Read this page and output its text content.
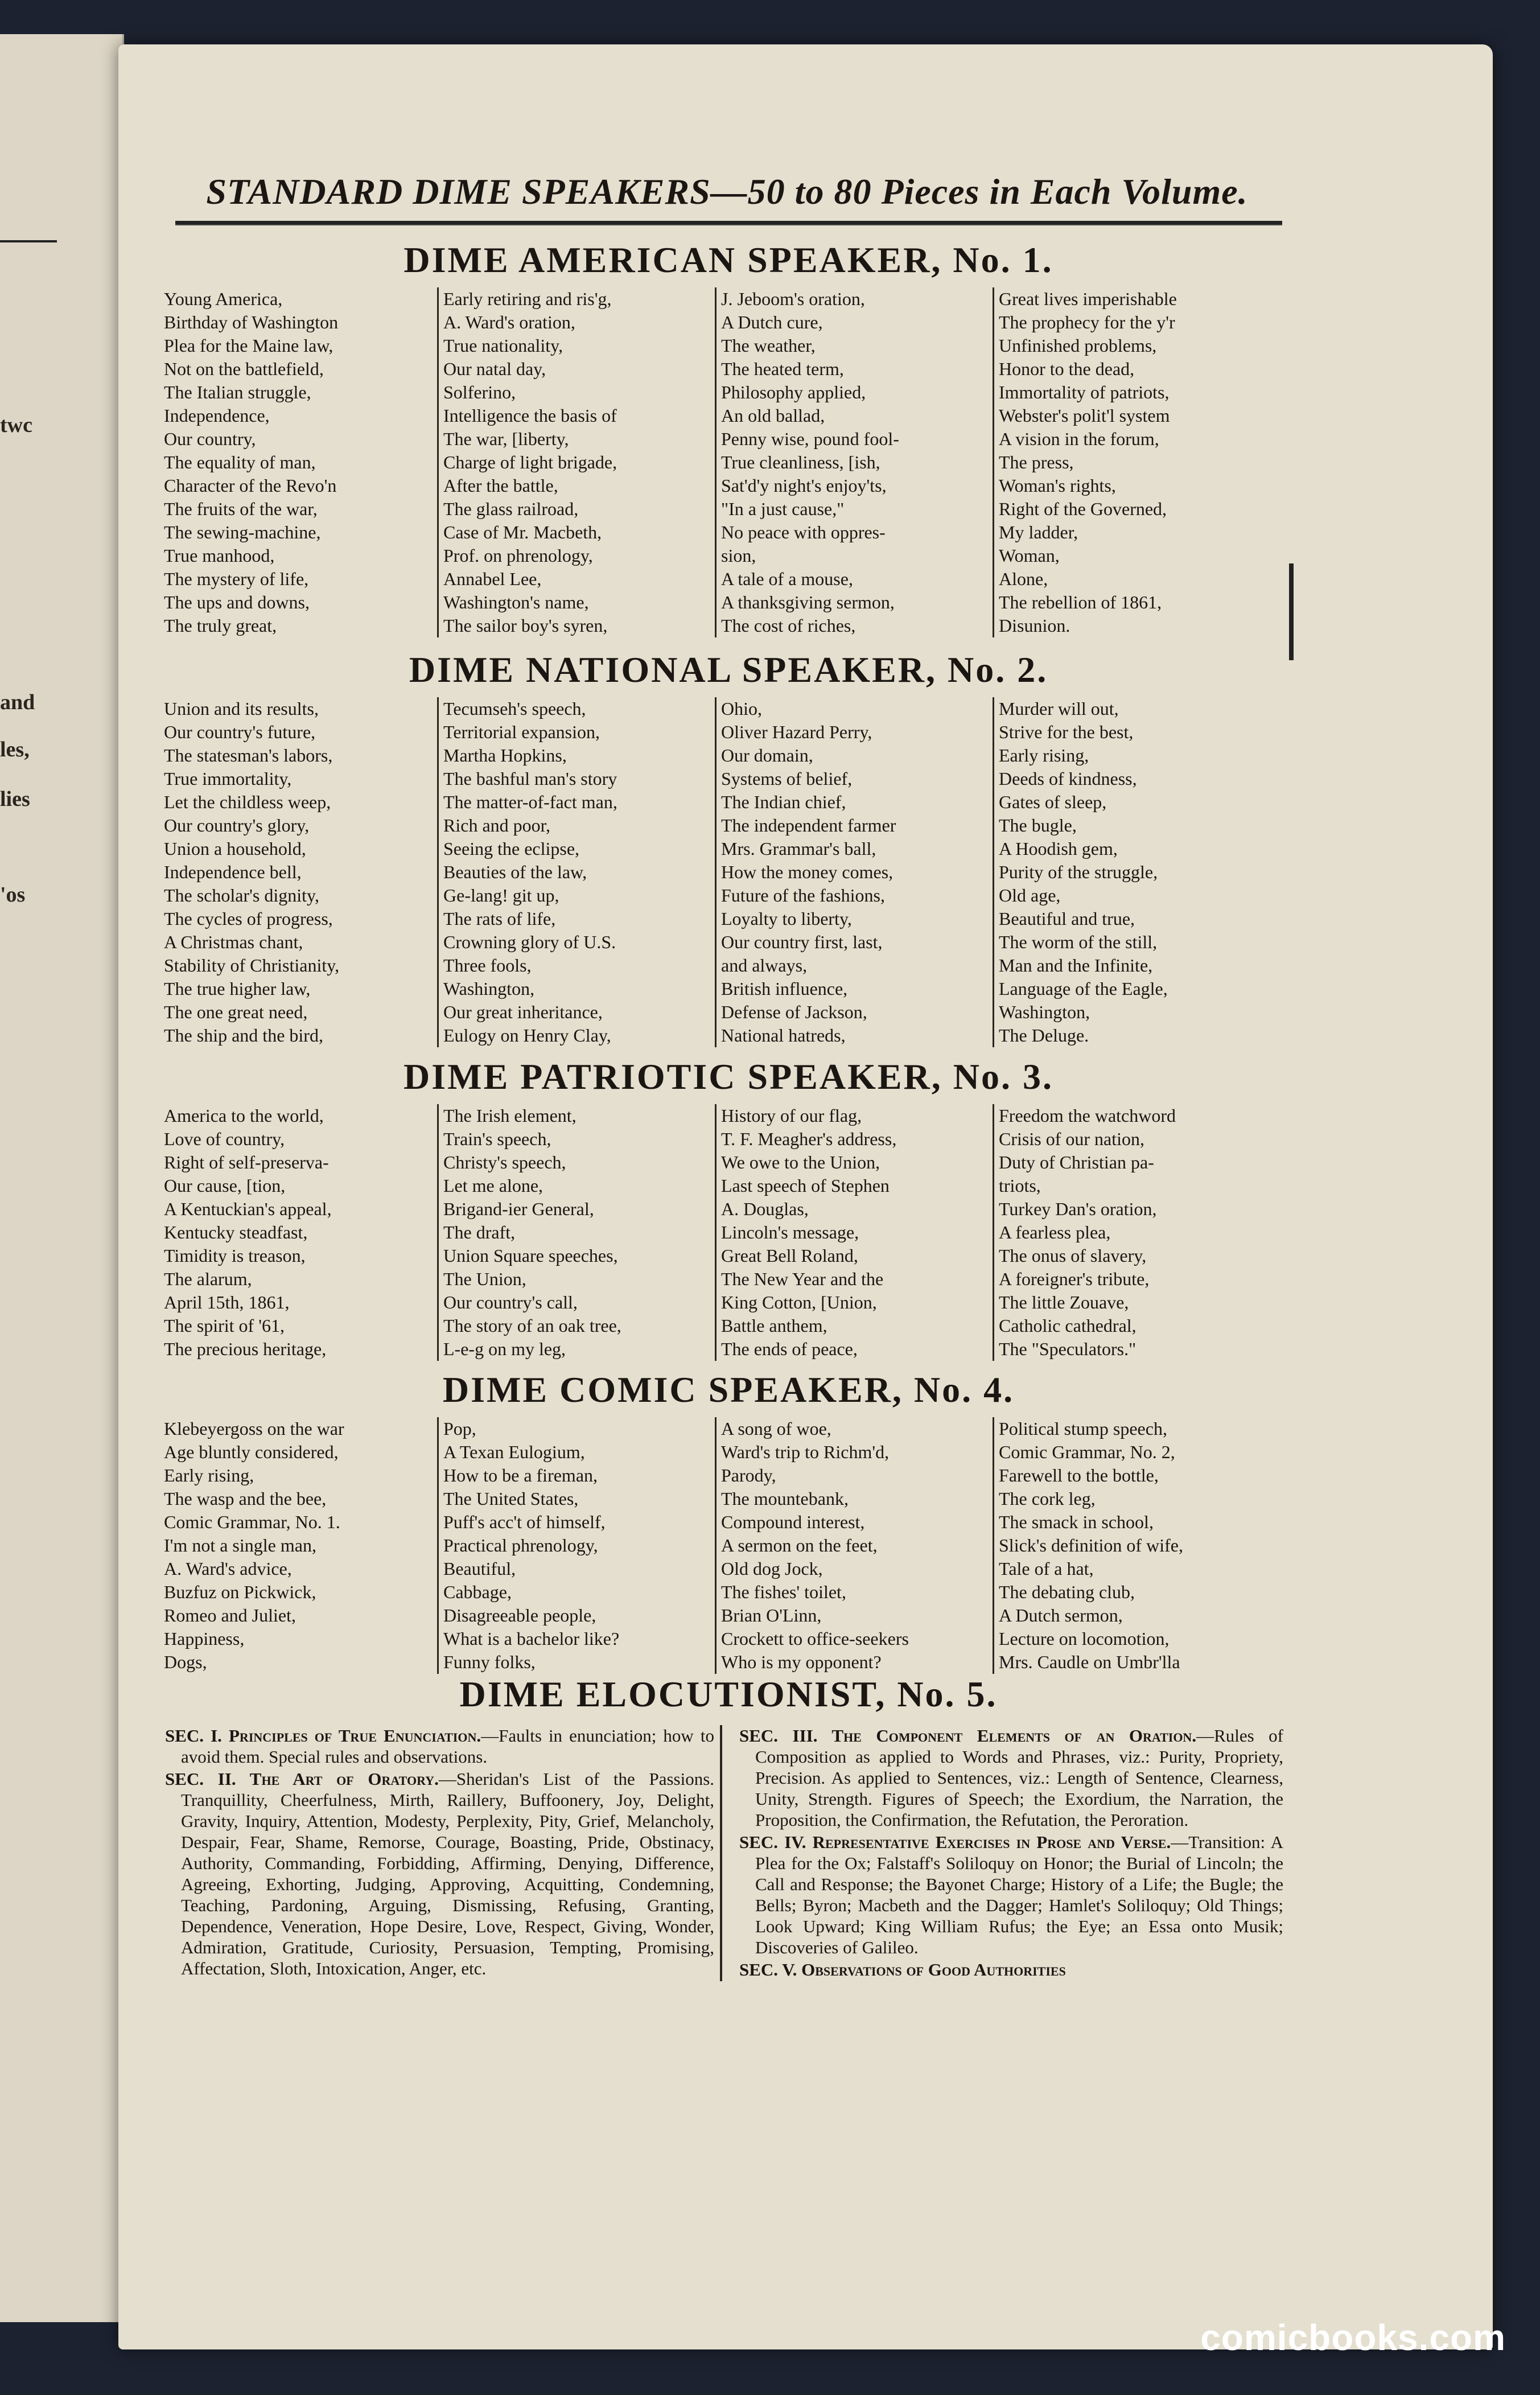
twc
and
les,
lies
'os
STANDARD DIME SPEAKERS—50 to 80 Pieces in Each Volume.
DIME AMERICAN SPEAKER, No. 1.
Young America,
Birthday of Washington
Plea for the Maine law,
Not on the battlefield,
The Italian struggle,
Independence,
Our country,
The equality of man,
Character of the Revo'n
The fruits of the war,
The sewing-machine,
True manhood,
The mystery of life,
The ups and downs,
The truly great,
Early retiring and ris'g,
A. Ward's oration,
True nationality,
Our natal day,
Solferino,
Intelligence the basis of
The war, [liberty,
Charge of light brigade,
After the battle,
The glass railroad,
Case of Mr. Macbeth,
Prof. on phrenology,
Annabel Lee,
Washington's name,
The sailor boy's syren,
J. Jeboom's oration,
A Dutch cure,
The weather,
The heated term,
Philosophy applied,
An old ballad,
Penny wise, pound fool-
True cleanliness, [ish,
Sat'd'y night's enjoy'ts,
"In a just cause,"
No peace with oppres-
sion,
A tale of a mouse,
A thanksgiving sermon,
The cost of riches,
Great lives imperishable
The prophecy for the y'r
Unfinished problems,
Honor to the dead,
Immortality of patriots,
Webster's polit'l system
A vision in the forum,
The press,
Woman's rights,
Right of the Governed,
My ladder,
Woman,
Alone,
The rebellion of 1861,
Disunion.
DIME NATIONAL SPEAKER, No. 2.
Union and its results,
Our country's future,
The statesman's labors,
True immortality,
Let the childless weep,
Our country's glory,
Union a household,
Independence bell,
The scholar's dignity,
The cycles of progress,
A Christmas chant,
Stability of Christianity,
The true higher law,
The one great need,
The ship and the bird,
Tecumseh's speech,
Territorial expansion,
Martha Hopkins,
The bashful man's story
The matter-of-fact man,
Rich and poor,
Seeing the eclipse,
Beauties of the law,
Ge-lang! git up,
The rats of life,
Crowning glory of U.S.
Three fools,
Washington,
Our great inheritance,
Eulogy on Henry Clay,
Ohio,
Oliver Hazard Perry,
Our domain,
Systems of belief,
The Indian chief,
The independent farmer
Mrs. Grammar's ball,
How the money comes,
Future of the fashions,
Loyalty to liberty,
Our country first, last,
and always,
British influence,
Defense of Jackson,
National hatreds,
Murder will out,
Strive for the best,
Early rising,
Deeds of kindness,
Gates of sleep,
The bugle,
A Hoodish gem,
Purity of the struggle,
Old age,
Beautiful and true,
The worm of the still,
Man and the Infinite,
Language of the Eagle,
Washington,
The Deluge.
DIME PATRIOTIC SPEAKER, No. 3.
America to the world,
Love of country,
Right of self-preserva-
Our cause, [tion,
A Kentuckian's appeal,
Kentucky steadfast,
Timidity is treason,
The alarum,
April 15th, 1861,
The spirit of '61,
The precious heritage,
The Irish element,
Train's speech,
Christy's speech,
Let me alone,
Brigand-ier General,
The draft,
Union Square speeches,
The Union,
Our country's call,
The story of an oak tree,
L-e-g on my leg,
History of our flag,
T. F. Meagher's address,
We owe to the Union,
Last speech of Stephen
A. Douglas,
Lincoln's message,
Great Bell Roland,
The New Year and the
King Cotton, [Union,
Battle anthem,
The ends of peace,
Freedom the watchword
Crisis of our nation,
Duty of Christian pa-
triots,
Turkey Dan's oration,
A fearless plea,
The onus of slavery,
A foreigner's tribute,
The little Zouave,
Catholic cathedral,
The "Speculators."
DIME COMIC SPEAKER, No. 4.
Klebeyergoss on the war
Age bluntly considered,
Early rising,
The wasp and the bee,
Comic Grammar, No. 1.
I'm not a single man,
A. Ward's advice,
Buzfuz on Pickwick,
Romeo and Juliet,
Happiness,
Dogs,
Pop,
A Texan Eulogium,
How to be a fireman,
The United States,
Puff's acc't of himself,
Practical phrenology,
Beautiful,
Cabbage,
Disagreeable people,
What is a bachelor like?
Funny folks,
A song of woe,
Ward's trip to Richm'd,
Parody,
The mountebank,
Compound interest,
A sermon on the feet,
Old dog Jock,
The fishes' toilet,
Brian O'Linn,
Crockett to office-seekers
Who is my opponent?
Political stump speech,
Comic Grammar, No. 2,
Farewell to the bottle,
The cork leg,
The smack in school,
Slick's definition of wife,
Tale of a hat,
The debating club,
A Dutch sermon,
Lecture on locomotion,
Mrs. Caudle on Umbr'lla
DIME ELOCUTIONIST, No. 5.

SEC. I. Principles of True Enunciation.—Faults in enunciation; how to avoid them. Special rules and observations.

SEC. II. The Art of Oratory.—Sheridan's List of the Passions. Tranquillity, Cheerfulness, Mirth, Raillery, Buffoonery, Joy, Delight, Gravity, Inquiry, Attention, Modesty, Perplexity, Pity, Grief, Melancholy, Despair, Fear, Shame, Remorse, Courage, Boasting, Pride, Obstinacy, Authority, Commanding, Forbidding, Affirming, Denying, Difference, Agreeing, Exhorting, Judging, Approving, Acquitting, Condemning, Teaching, Pardoning, Arguing, Dismissing, Refusing, Granting, Dependence, Veneration, Hope Desire, Love, Respect, Giving, Wonder, Admiration, Gratitude, Curiosity, Persuasion, Tempting, Promising, Affectation, Sloth, Intoxication, Anger, etc.

SEC. III. The Component Elements of an Oration.—Rules of Composition as applied to Words and Phrases, viz.: Purity, Propriety, Precision. As applied to Sentences, viz.: Length of Sentence, Clearness, Unity, Strength. Figures of Speech; the Exordium, the Narration, the Proposition, the Confirmation, the Refutation, the Peroration.

SEC. IV. Representative Exercises in Prose and Verse.—Transition: A Plea for the Ox; Falstaff's Soliloquy on Honor; the Burial of Lincoln; the Call and Response; the Bayonet Charge; History of a Life; the Bugle; the Bells; Byron; Macbeth and the Dagger; Hamlet's Soliloquy; Old Things; Look Upward; King William Rufus; the Eye; an Essa onto Musik; Discoveries of Galileo.

SEC. V. Observations of Good Authorities

comicbooks.com
